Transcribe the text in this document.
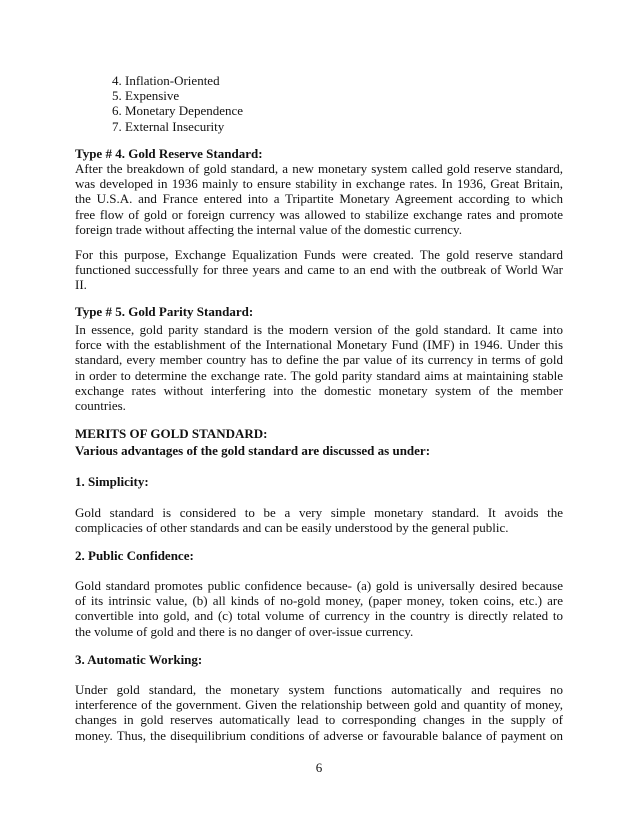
4. Inflation-Oriented
5. Expensive
6. Monetary Dependence
7. External Insecurity
Type # 4. Gold Reserve Standard:
After the breakdown of gold standard, a new monetary system called gold reserve standard,
was developed in 1936 mainly to ensure stability in exchange rates. In 1936, Great Britain,
the U.S.A. and France entered into a Tripartite Monetary Agreement according to which
free flow of gold or foreign currency was allowed to stabilize exchange rates and promote
foreign trade without affecting the internal value of the domestic currency.
For this purpose, Exchange Equalization Funds were created. The gold reserve standard
functioned successfully for three years and came to an end with the outbreak of World War
II.
Type # 5. Gold Parity Standard:
In essence, gold parity standard is the modern version of the gold standard. It came into
force with the establishment of the International Monetary Fund (IMF) in 1946. Under this
standard, every member country has to define the par value of its currency in terms of gold
in order to determine the exchange rate. The gold parity standard aims at maintaining stable
exchange rates without interfering into the domestic monetary system of the member
countries.
MERITS OF GOLD STANDARD:
Various advantages of the gold standard are discussed as under:
1. Simplicity:
Gold standard is considered to be a very simple monetary standard. It avoids the
complicacies of other standards and can be easily understood by the general public.
2. Public Confidence:
Gold standard promotes public confidence because- (a) gold is universally desired because
of its intrinsic value, (b) all kinds of no-gold money, (paper money, token coins, etc.) are
convertible into gold, and (c) total volume of currency in the country is directly related to
the volume of gold and there is no danger of over-issue currency.
3. Automatic Working:
Under gold standard, the monetary system functions automatically and requires no
interference of the government. Given the relationship between gold and quantity of money,
changes in gold reserves automatically lead to corresponding changes in the supply of
money. Thus, the disequilibrium conditions of adverse or favourable balance of payment on
6
